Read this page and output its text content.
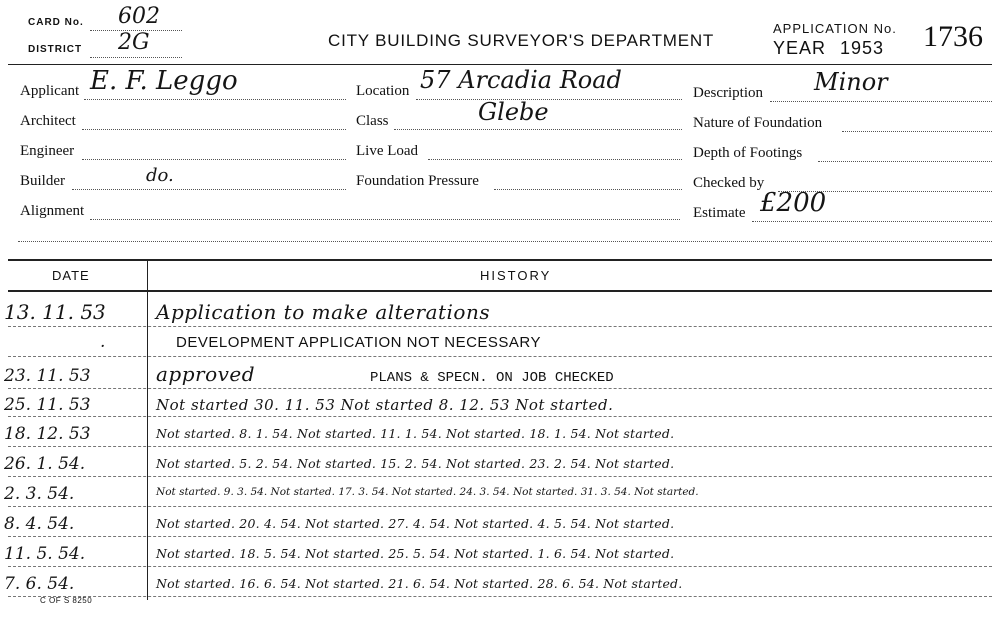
CARD No. 602
DISTRICT 2G	CITY BUILDING SURVEYOR'S DEPARTMENT
APPLICATION No.
YEAR 1953 1736
Applicant E. F. Leggo
Architect
Engineer
Builder	do.
Alignment
Location 57 Arcadia Road
Class	Glebe
Live Load
Foundation Pressure
Description Minor
Nature of Foundation
Depth of Footings
Checked by
Estimate £200
DATE	HISTORY
13. 11. 53	Application to make alterations
.	DEVELOPMENT APPLICATION NOT NECESSARY
23. 11. 53	approved	PLANS & SPECN. ON JOB CHECKED
25. 11. 53	Not started 30. 11. 53 Not started 8. 12. 53 Not started.
18. 12. 53	Not started. 8. 1. 54. Not started. 11. 1. 54. Not started. 18. 1. 54. Not started.
26. 1. 54.	Not started. 5. 2. 54. Not started. 15. 2. 54. Not started. 23. 2. 54. Not started.
2. 3. 54.	Not started. 9. 3. 54. Not started. 17. 3. 54. Not started. 24. 3. 54. Not started. 31. 3. 54. Not started.
8. 4. 54.	Not started. 20. 4. 54. Not started. 27. 4. 54. Not started. 4. 5. 54. Not started.
11. 5. 54.	Not started. 18. 5. 54. Not started. 25. 5. 54. Not started. 1. 6. 54. Not started.
7. 6. 54.	Not started. 16. 6. 54. Not started. 21. 6. 54. Not started. 28. 6. 54. Not started.
C OF S 8250
